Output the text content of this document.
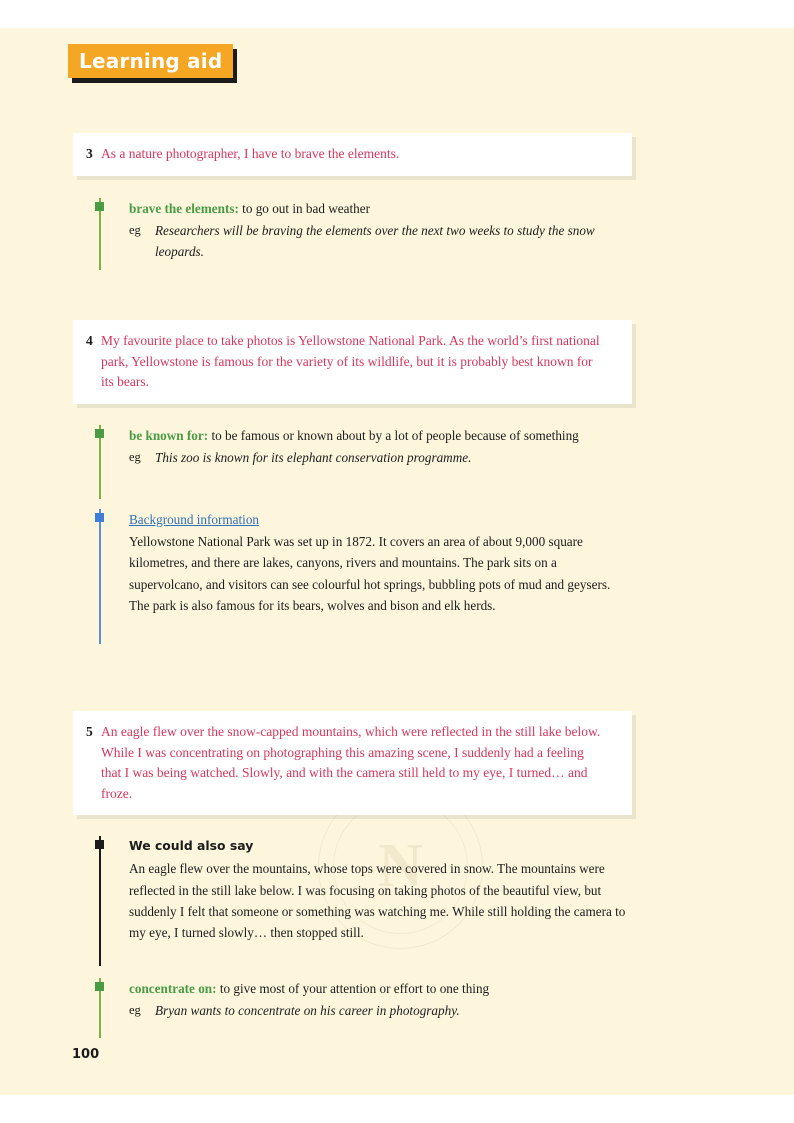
Learning aid
3 As a nature photographer, I have to brave the elements.
brave the elements: to go out in bad weather
eg	Researchers will be braving the elements over the next two weeks to study the snow leopards.
4 My favourite place to take photos is Yellowstone National Park. As the world’s first national park, Yellowstone is famous for the variety of its wildlife, but it is probably best known for its bears.
be known for: to be famous or known about by a lot of people because of something
eg	This zoo is known for its elephant conservation programme.
Background information
Yellowstone National Park was set up in 1872. It covers an area of about 9,000 square kilometres, and there are lakes, canyons, rivers and mountains. The park sits on a supervolcano, and visitors can see colourful hot springs, bubbling pots of mud and geysers. The park is also famous for its bears, wolves and bison and elk herds.
5 An eagle flew over the snow-capped mountains, which were reflected in the still lake below. While I was concentrating on photographing this amazing scene, I suddenly had a feeling that I was being watched. Slowly, and with the camera still held to my eye, I turned… and froze.
We could also say
An eagle flew over the mountains, whose tops were covered in snow. The mountains were reflected in the still lake below. I was focusing on taking photos of the beautiful view, but suddenly I felt that someone or something was watching me. While still holding the camera to my eye, I turned slowly… then stopped still.
concentrate on: to give most of your attention or effort to one thing
eg	Bryan wants to concentrate on his career in photography.
100
